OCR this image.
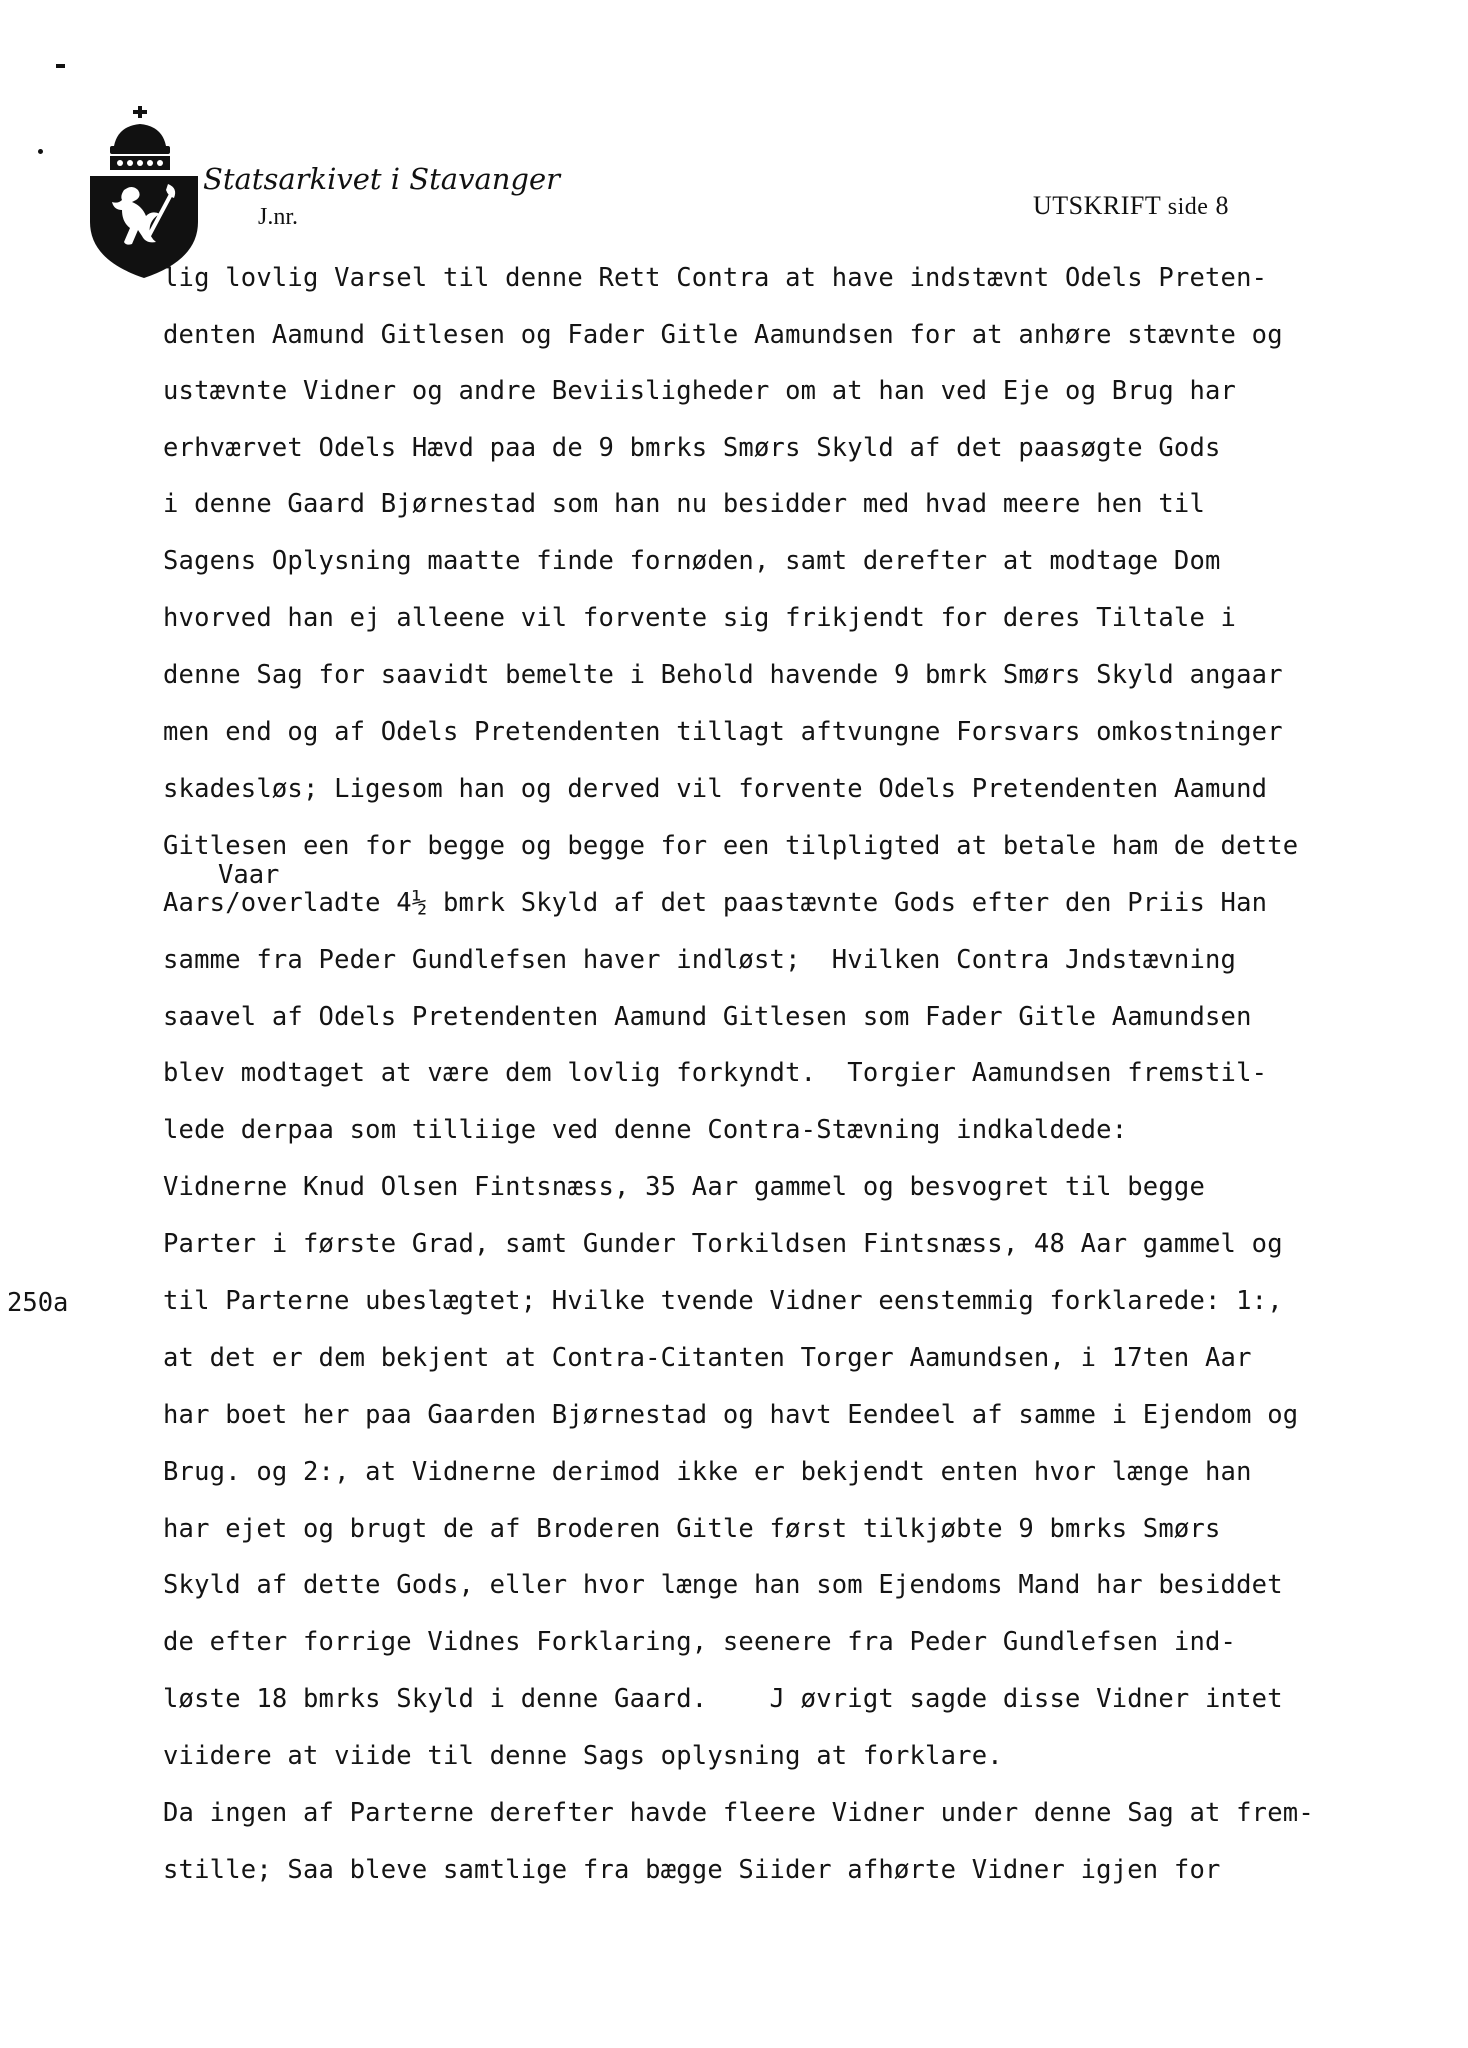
Statsarkivet i Stavanger
J.nr.	UTSKRIFT side 8
250a
Vaar
lig lovlig Varsel til denne Rett Contra at have indstævnt Odels Preten-
denten Aamund Gitlesen og Fader Gitle Aamundsen for at anhøre stævnte og
ustævnte Vidner og andre Beviisligheder om at han ved Eje og Brug har
erhværvet Odels Hævd paa de 9 bmrks Smørs Skyld af det paasøgte Gods
i denne Gaard Bjørnestad som han nu besidder med hvad meere hen til
Sagens Oplysning maatte finde fornøden, samt derefter at modtage Dom
hvorved han ej alleene vil forvente sig frikjendt for deres Tiltale i
denne Sag for saavidt bemelte i Behold havende 9 bmrk Smørs Skyld angaar
men end og af Odels Pretendenten tillagt aftvungne Forsvars omkostninger
skadesløs; Ligesom han og derved vil forvente Odels Pretendenten Aamund
Gitlesen een for begge og begge for een tilpligted at betale ham de dette
Aars/overladte 4½ bmrk Skyld af det paastævnte Gods efter den Priis Han
samme fra Peder Gundlefsen haver indløst;  Hvilken Contra Jndstævning
saavel af Odels Pretendenten Aamund Gitlesen som Fader Gitle Aamundsen
blev modtaget at være dem lovlig forkyndt.  Torgier Aamundsen fremstil-
lede derpaa som tilliige ved denne Contra-Stævning indkaldede:
Vidnerne Knud Olsen Fintsnæss, 35 Aar gammel og besvogret til begge
Parter i første Grad, samt Gunder Torkildsen Fintsnæss, 48 Aar gammel og
til Parterne ubeslægtet; Hvilke tvende Vidner eenstemmig forklarede: 1:,
at det er dem bekjent at Contra-Citanten Torger Aamundsen, i 17ten Aar
har boet her paa Gaarden Bjørnestad og havt Eendeel af samme i Ejendom og
Brug. og 2:, at Vidnerne derimod ikke er bekjendt enten hvor længe han
har ejet og brugt de af Broderen Gitle først tilkjøbte 9 bmrks Smørs
Skyld af dette Gods, eller hvor længe han som Ejendoms Mand har besiddet
de efter forrige Vidnes Forklaring, seenere fra Peder Gundlefsen ind-
løste 18 bmrks Skyld i denne Gaard.    J øvrigt sagde disse Vidner intet
viidere at viide til denne Sags oplysning at forklare.
Da ingen af Parterne derefter havde fleere Vidner under denne Sag at frem-
stille; Saa bleve samtlige fra bægge Siider afhørte Vidner igjen for
